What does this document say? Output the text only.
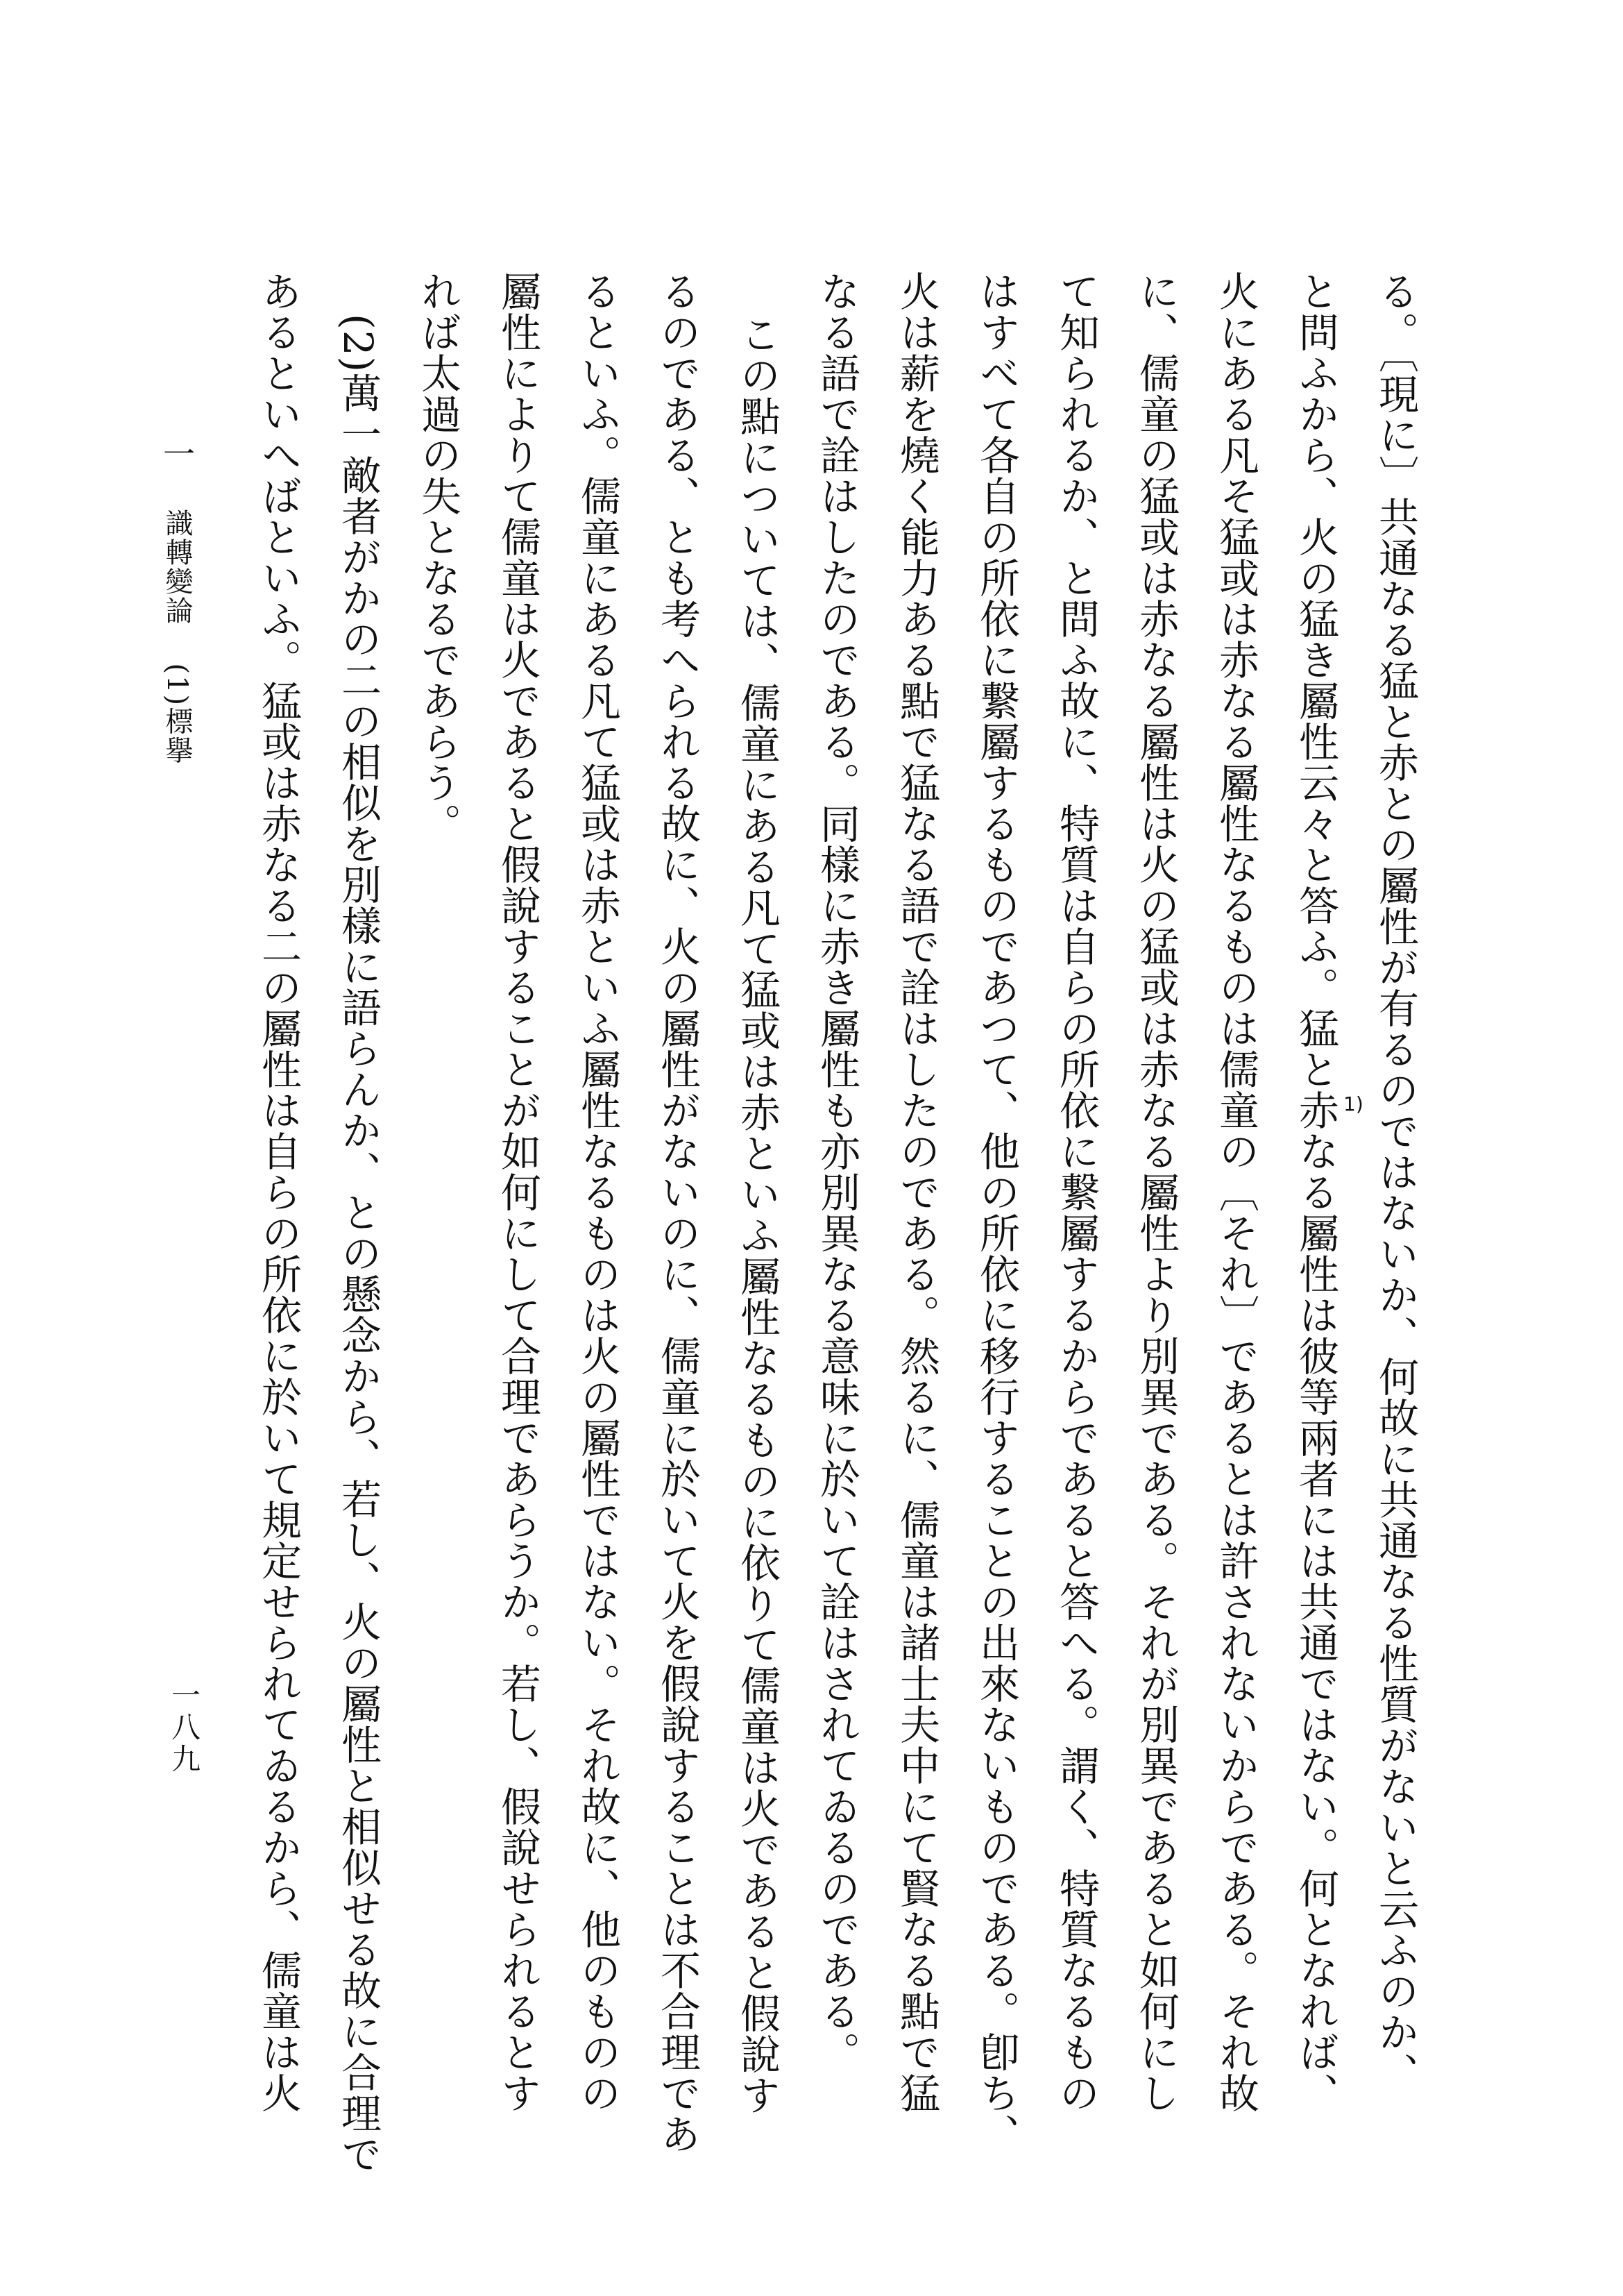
る。〔現に〕共通なる猛と赤との屬性が有るのではないか、何故に共通なる性質がないと云ふのか、
と問ふから、火の猛き屬性云々と答ふ。猛と赤なる屬性は彼等兩者には共通ではない。何となれば、
火にある凡そ猛或は赤なる屬性なるものは儒童の〔それ〕であるとは許されないからである。それ故
に、儒童の猛或は赤なる屬性は火の猛或は赤なる屬性より別異である。それが別異であると如何にし
て知られるか、と問ふ故に、特質は自らの所依に繋屬するからであると答へる。謂く、特質なるもの
はすべて各自の所依に繋屬するものであつて、他の所依に移行することの出來ないものである。卽ち、
火は薪を燒く能力ある點で猛なる語で詮はしたのである。然るに、儒童は諸士夫中にて賢なる點で猛
なる語で詮はしたのである。同樣に赤き屬性も亦別異なる意味に於いて詮はされてゐるのである。
この點については、儒童にある凡て猛或は赤といふ屬性なるものに依りて儒童は火であると假說す
るのである、とも考へられる故に、火の屬性がないのに、儒童に於いて火を假說することは不合理であ
るといふ。儒童にある凡て猛或は赤といふ屬性なるものは火の屬性ではない。それ故に、他のものの
屬性によりて儒童は火であると假說することが如何にして合理であらうか。若し、假說せられるとす
れば太過の失となるであらう。
(2)萬一敵者がかの二の相似を別樣に語らんか、との懸念から、若し、火の屬性と相似せる故に合理で
あるといへばといふ。猛或は赤なる二の屬性は自らの所依に於いて規定せられてゐるから、儒童は火	1)
一 識轉變論 (1)標擧
一八九
